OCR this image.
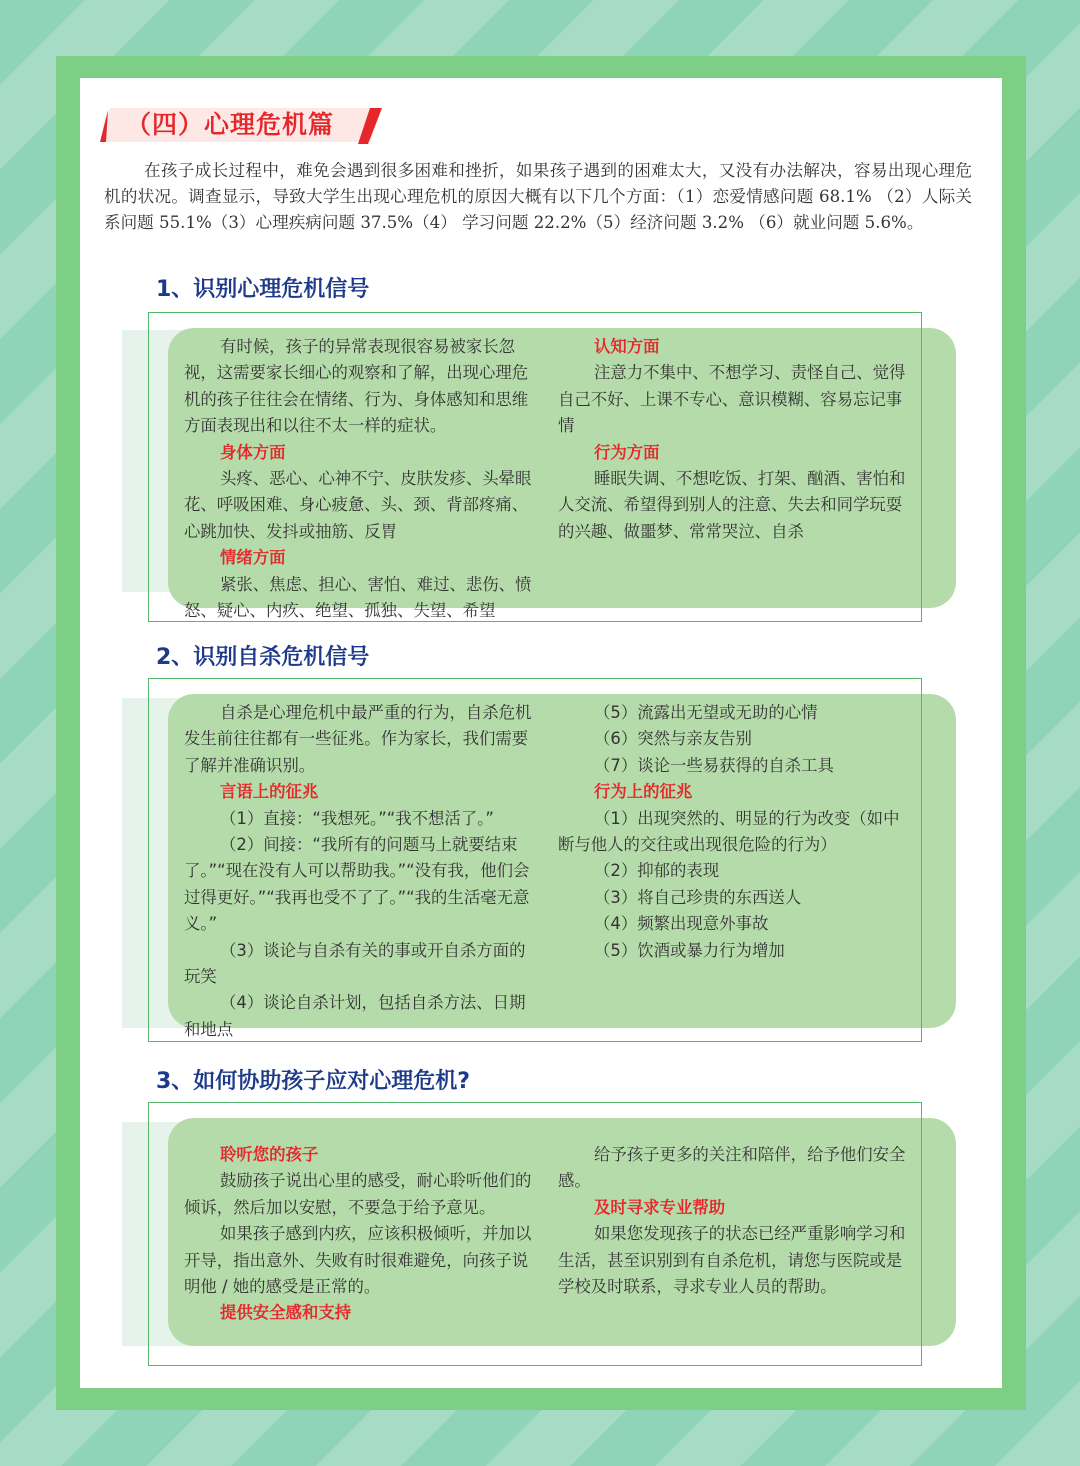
（四）心理危机篇

在孩子成长过程中，难免会遇到很多困难和挫折，如果孩子遇到的困难太大，又没有办法解决，容易出现心理危机的状况。调查显示，导致大学生出现心理危机的原因大概有以下几个方面：（1）恋爱情感问题 68.1% （2）人际关系问题 55.1%（3）心理疾病问题 37.5%（4） 学习问题 22.2%（5）经济问题 3.2% （6）就业问题 5.6%。

1、识别心理危机信号

有时候，孩子的异常表现很容易被家长忽视，这需要家长细心的观察和了解，出现心理危机的孩子往往会在情绪、行为、身体感知和思维方面表现出和以往不太一样的症状。

身体方面

头疼、恶心、心神不宁、皮肤发疹、头晕眼花、呼吸困难、身心疲惫、头、颈、背部疼痛、心跳加快、发抖或抽筋、反胃

情绪方面

紧张、焦虑、担心、害怕、难过、悲伤、愤怒、疑心、内疚、绝望、孤独、失望、希望

认知方面

注意力不集中、不想学习、责怪自己、觉得自己不好、上课不专心、意识模糊、容易忘记事情

行为方面

睡眠失调、不想吃饭、打架、酗酒、害怕和人交流、希望得到别人的注意、失去和同学玩耍的兴趣、做噩梦、常常哭泣、自杀

2、识别自杀危机信号

自杀是心理危机中最严重的行为，自杀危机发生前往往都有一些征兆。作为家长，我们需要了解并准确识别。

言语上的征兆

（1）直接：“我想死。”“我不想活了。”

（2）间接：“我所有的问题马上就要结束了。”“现在没有人可以帮助我。”“没有我，他们会过得更好。”“我再也受不了了。”“我的生活毫无意义。”

（3）谈论与自杀有关的事或开自杀方面的玩笑

（4）谈论自杀计划，包括自杀方法、日期和地点

（5）流露出无望或无助的心情

（6）突然与亲友告别

（7）谈论一些易获得的自杀工具

行为上的征兆

（1）出现突然的、明显的行为改变（如中断与他人的交往或出现很危险的行为）

（2）抑郁的表现

（3）将自己珍贵的东西送人

（4）频繁出现意外事故

（5）饮酒或暴力行为增加

3、如何协助孩子应对心理危机?

聆听您的孩子

鼓励孩子说出心里的感受，耐心聆听他们的倾诉，然后加以安慰，不要急于给予意见。

如果孩子感到内疚，应该积极倾听，并加以开导，指出意外、失败有时很难避免，向孩子说明他 / 她的感受是正常的。

提供安全感和支持

给予孩子更多的关注和陪伴，给予他们安全感。

及时寻求专业帮助

如果您发现孩子的状态已经严重影响学习和生活，甚至识别到有自杀危机，请您与医院或是学校及时联系，寻求专业人员的帮助。
